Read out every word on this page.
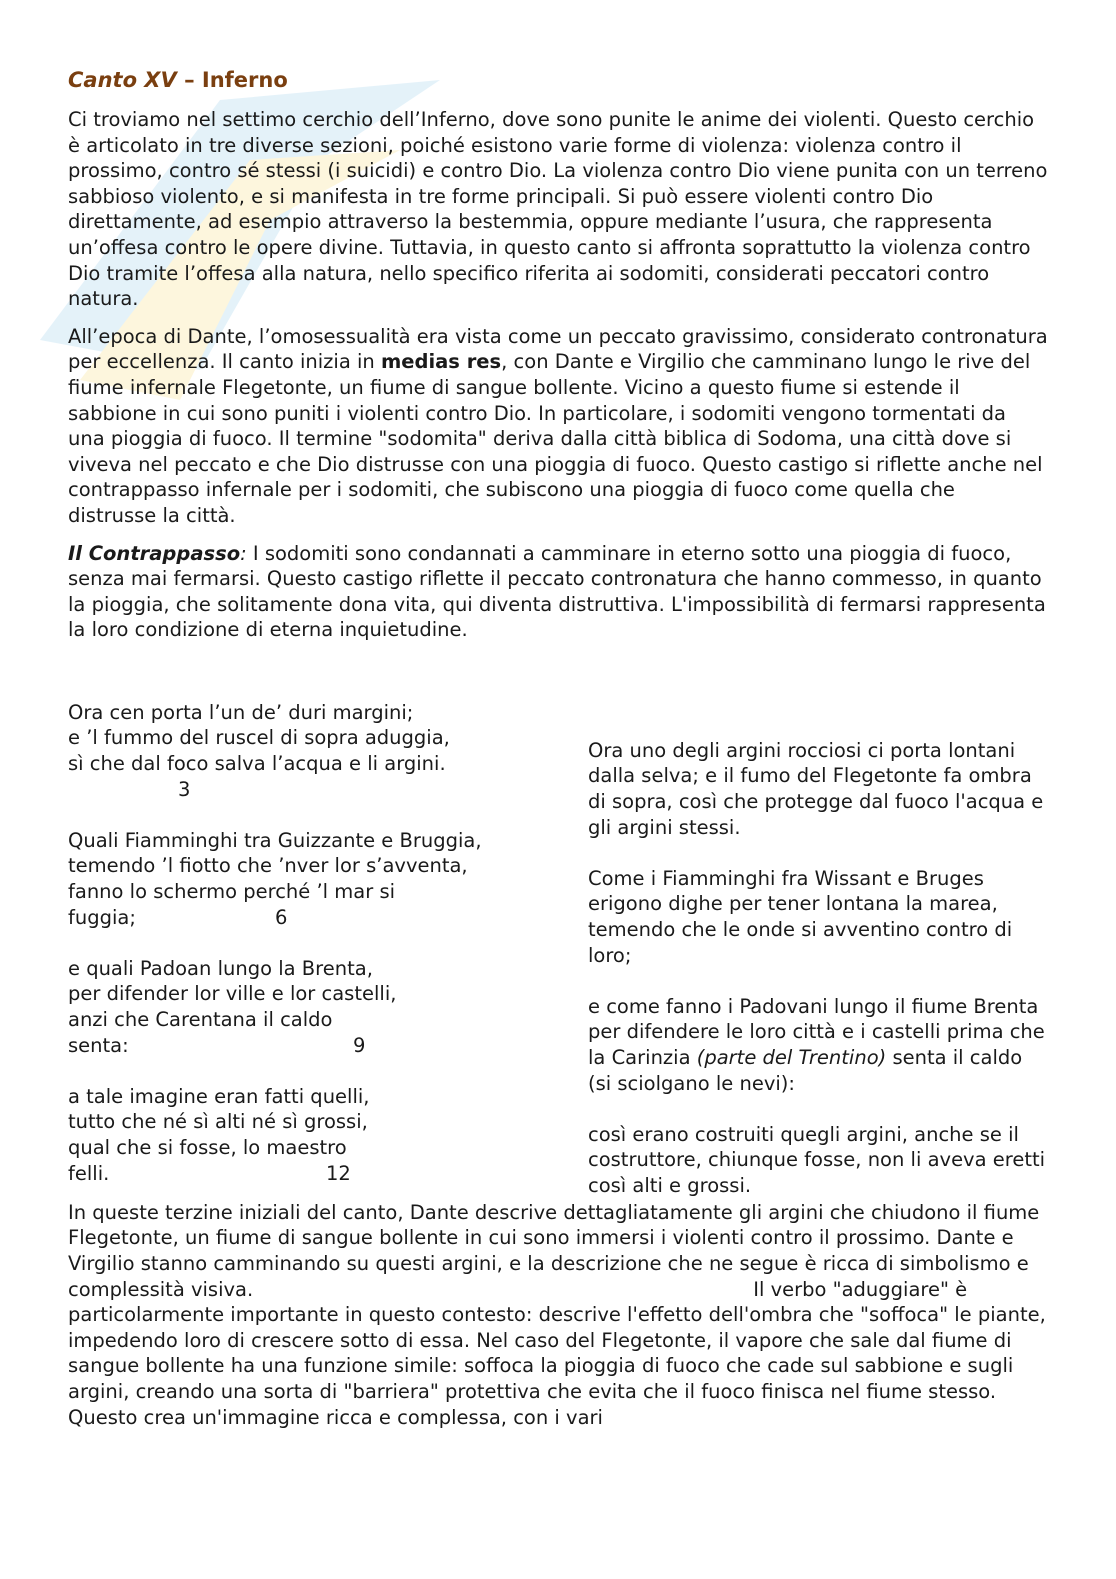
Canto XV – Inferno

Ci troviamo nel settimo cerchio dell’Inferno, dove sono punite le anime dei violenti. Questo cerchio è articolato in tre diverse sezioni, poiché esistono varie forme di violenza: violenza contro il prossimo, contro sé stessi (i suicidi) e contro Dio. La violenza contro Dio viene punita con un terreno sabbioso violento, e si manifesta in tre forme principali. Si può essere violenti contro Dio direttamente, ad esempio attraverso la bestemmia, oppure mediante l’usura, che rappresenta un’offesa contro le opere divine. Tuttavia, in questo canto si affronta soprattutto la violenza contro Dio tramite l’offesa alla natura, nello specifico riferita ai sodomiti, considerati peccatori contro natura.

All’epoca di Dante, l’omosessualità era vista come un peccato gravissimo, considerato contronatura per eccellenza. Il canto inizia in medias res, con Dante e Virgilio che camminano lungo le rive del fiume infernale Flegetonte, un fiume di sangue bollente. Vicino a questo fiume si estende il sabbione in cui sono puniti i violenti contro Dio. In particolare, i sodomiti vengono tormentati da una pioggia di fuoco. Il termine "sodomita" deriva dalla città biblica di Sodoma, una città dove si viveva nel peccato e che Dio distrusse con una pioggia di fuoco. Questo castigo si riflette anche nel contrappasso infernale per i sodomiti, che subiscono una pioggia di fuoco come quella che distrusse la città.

Il Contrappasso: I sodomiti sono condannati a camminare in eterno sotto una pioggia di fuoco, senza mai fermarsi. Questo castigo riflette il peccato contronatura che hanno commesso, in quanto la pioggia, che solitamente dona vita, qui diventa distruttiva. L'impossibilità di fermarsi rappresenta la loro condizione di eterna inquietudine.

Ora cen porta l’un de’ duri margini;
e ’l fummo del ruscel di sopra aduggia,
sì che dal foco salva l’acqua e li argini.
3
Quali Fiamminghi tra Guizzante e Bruggia,
temendo ’l fiotto che ’nver lor s’avventa,
fanno lo schermo perché ’l mar si
fuggia;	6
e quali Padoan lungo la Brenta,
per difender lor ville e lor castelli,
anzi che Carentana il caldo
senta:	9
a tale imagine eran fatti quelli,
tutto che né sì alti né sì grossi,
qual che si fosse, lo maestro
felli.	12
Ora uno degli argini rocciosi ci porta lontani dalla selva; e il fumo del Flegetonte fa ombra di sopra, così che protegge dal fuoco l'acqua e gli argini stessi.
Come i Fiamminghi fra Wissant e Bruges erigono dighe per tener lontana la marea, temendo che le onde si avventino contro di loro;
e come fanno i Padovani lungo il fiume Brenta per difendere le loro città e i castelli prima che la Carinzia (parte del Trentino) senta il caldo (si sciolgano le nevi):
così erano costruiti quegli argini, anche se il costruttore, chiunque fosse, non li aveva eretti così alti e grossi.

In queste terzine iniziali del canto, Dante descrive dettagliatamente gli argini che chiudono il fiume Flegetonte, un fiume di sangue bollente in cui sono immersi i violenti contro il prossimo. Dante e Virgilio stanno camminando su questi argini, e la descrizione che ne segue è ricca di simbolismo e complessità visiva.	Il verbo "aduggiare" è particolarmente importante in questo contesto: descrive l'effetto dell'ombra che "soffoca" le piante, impedendo loro di crescere sotto di essa. Nel caso del Flegetonte, il vapore che sale dal fiume di sangue bollente ha una funzione simile: soffoca la pioggia di fuoco che cade sul sabbione e sugli argini, creando una sorta di "barriera" protettiva che evita che il fuoco finisca nel fiume stesso. Questo crea un'immagine ricca e complessa, con i vari
